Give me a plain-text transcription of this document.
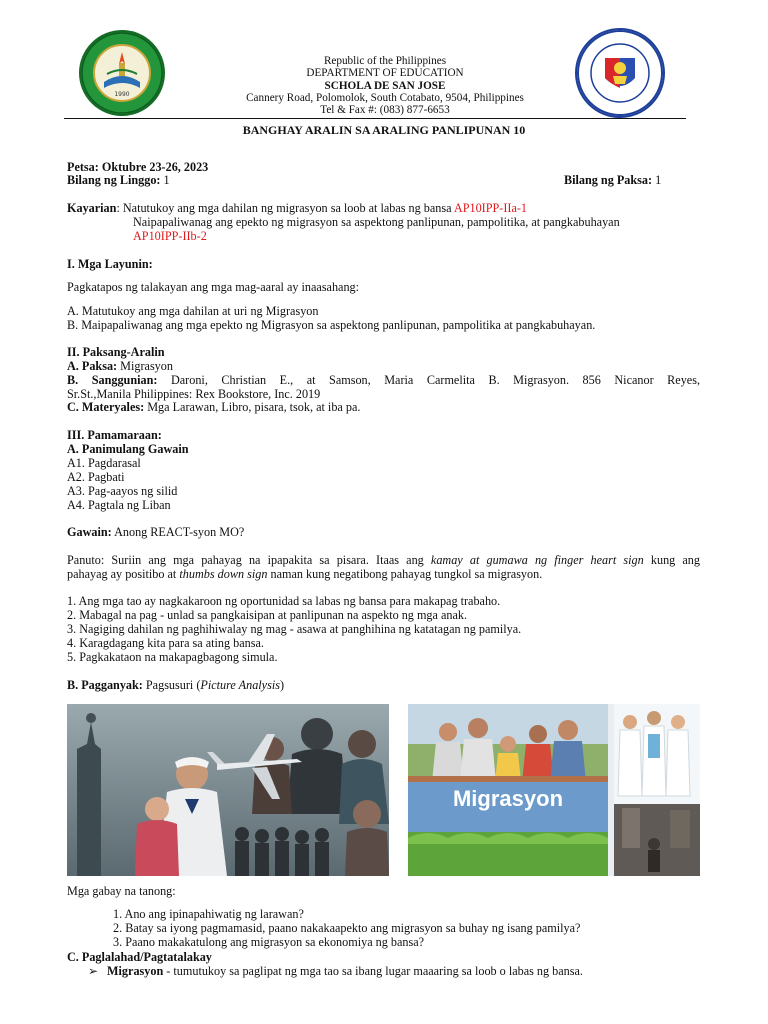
1990
Republic of the Philippines
DEPARTMENT OF EDUCATION
SCHOLA DE SAN JOSE
Cannery Road, Polomolok, South Cotabato, 9504, Philippines
Tel & Fax #: (083) 877-6653
BANGHAY ARALIN SA ARALING PANLIPUNAN 10
Petsa: Oktubre 23-26, 2023
Bilang ng Linggo: 1	Bilang ng Paksa: 1
Kayarian: Natutukoy ang mga dahilan ng migrasyon sa loob at labas ng bansa AP10IPP-IIa-1
Naipapaliwanag ang epekto ng migrasyon sa aspektong panlipunan, pampolitika, at pangkabuhayan
AP10IPP-IIb-2
I. Mga Layunin:
Pagkatapos ng talakayan ang mga mag-aaral ay inaasahang:
A. Matutukoy ang mga dahilan at uri ng Migrasyon
B. Maipapaliwanag ang mga epekto ng Migrasyon sa aspektong panlipunan, pampolitika at pangkabuhayan.
II. Paksang-Aralin
A. Paksa: Migrasyon
B. Sanggunian: Daroni, Christian E., at Samson, Maria Carmelita B. Migrasyon. 856 Nicanor Reyes,
Sr.St.,Manila Philippines: Rex Bookstore, Inc. 2019
C. Materyales: Mga Larawan, Libro, pisara, tsok, at iba pa.
III. Pamamaraan:
A. Panimulang Gawain
A1. Pagdarasal
A2. Pagbati
A3. Pag-aayos ng silid
A4. Pagtala ng Liban
Gawain: Anong REACT-syon MO?
Panuto: Suriin ang mga pahayag na ipapakita sa pisara. Itaas ang kamay at gumawa ng finger heart sign kung ang
pahayag ay positibo at thumbs down sign naman kung negatibong pahayag tungkol sa migrasyon.
1. Ang mga tao ay nagkakaroon ng oportunidad sa labas ng bansa para makapag trabaho.
2. Mabagal na pag - unlad sa pangkaisipan at panlipunan na aspekto ng mga anak.
3. Nagiging dahilan ng paghihiwalay ng mag - asawa at panghihina ng katatagan ng pamilya.
4. Karagdagang kita para sa ating bansa.
5. Pagkakataon na makapagbagong simula.
B. Pagganyak: Pagsusuri (Picture Analysis)
Migrasyon
Mga gabay na tanong:
1. Ano ang ipinapahiwatig ng larawan?
2. Batay sa iyong pagmamasid, paano nakakaapekto ang migrasyon sa buhay ng isang pamilya?
3. Paano makakatulong ang migrasyon sa ekonomiya ng bansa?
C. Paglalahad/Pagtatalakay
➢ Migrasyon - tumutukoy sa paglipat ng mga tao sa ibang lugar maaaring sa loob o labas ng bansa.
